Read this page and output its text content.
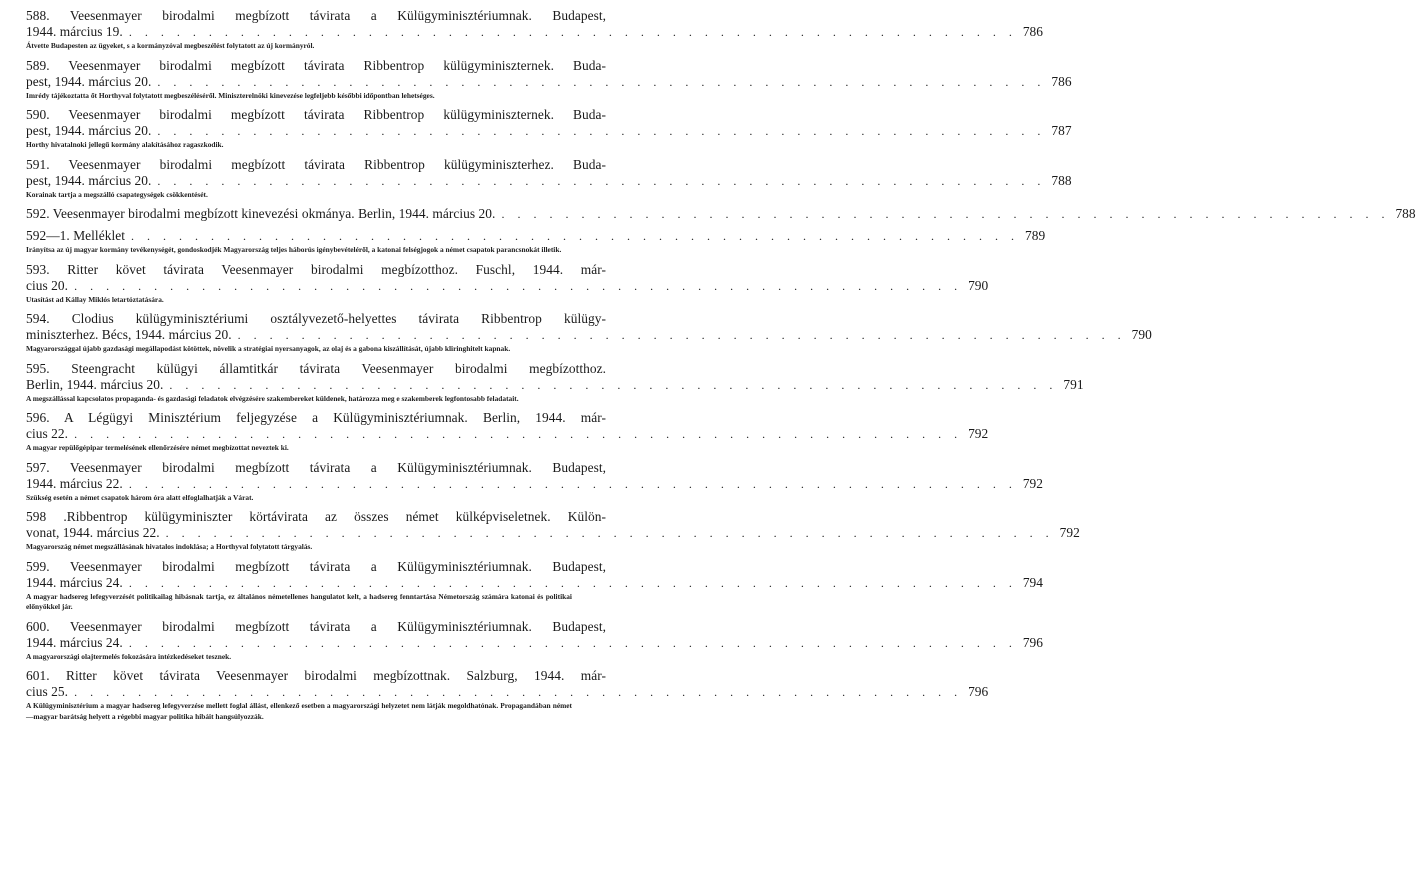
588. Veesenmayer birodalmi megbízott távirata a Külügyminisztériumnak. Budapest,
1944. március 19. . . . . . . . . . . . . . . . . . . . . . . . . . . . . . . . . . . . . . . . . . . . . . . . . . . . . . . . . 786
Átvette Budapesten az ügyeket, s a kormányzóval megbeszélést folytatott az új kormányról.
589. Veesenmayer birodalmi megbízott távirata Ribbentrop külügyminiszternek. Buda-
pest, 1944. március 20. . . . . . . . . . . . . . . . . . . . . . . . . . . . . . . . . . . . . . . . . . . . . . . . . . . . . . . . . 786
Imrédy tájékoztatta őt Horthyval folytatott megbeszéléséről. Miniszterelnöki kinevezése legfeljebb későbbi időpontban lehetséges.
590. Veesenmayer birodalmi megbízott távirata Ribbentrop külügyminiszternek. Buda-
pest, 1944. március 20. . . . . . . . . . . . . . . . . . . . . . . . . . . . . . . . . . . . . . . . . . . . . . . . . . . . . . . . . 787
Horthy hivatalnoki jellegű kormány alakításához ragaszkodik.
591. Veesenmayer birodalmi megbízott távirata Ribbentrop külügyminiszterhez. Buda-
pest, 1944. március 20. . . . . . . . . . . . . . . . . . . . . . . . . . . . . . . . . . . . . . . . . . . . . . . . . . . . . . . . . 788
Korainak tartja a megszálló csapategységek csökkentését.
592. Veesenmayer birodalmi megbízott kinevezési okmánya. Berlin, 1944. március 20. . . . . . . . . . . . . . . . . . . . . . . . . . . . . . . . . . . . . . . . . . . . . . . . . . . . . . . . . 788
592—1. Melléklet . . . . . . . . . . . . . . . . . . . . . . . . . . . . . . . . . . . . . . . . . . . . . . . . . . . . . . . . 789
Irányítsa az új magyar kormány tevékenységét, gondoskodjék Magyarország teljes háborús igénybevételéről, a katonai felségjogok a német csapatok parancsnokát illetik.
593. Ritter követ távirata Veesenmayer birodalmi megbízotthoz. Fuschl, 1944. már-
cius 20. . . . . . . . . . . . . . . . . . . . . . . . . . . . . . . . . . . . . . . . . . . . . . . . . . . . . . . . . 790
Utasítást ad Kállay Miklós letartóztatására.
594. Clodius külügyminisztériumi osztályvezető-helyettes távirata Ribbentrop külügy-
miniszterhez. Bécs, 1944. március 20. . . . . . . . . . . . . . . . . . . . . . . . . . . . . . . . . . . . . . . . . . . . . . . . . . . . . . . . . 790
Magyarországgal újabb gazdasági megállapodást kötöttek, növelik a stratégiai nyersanyagok, az olaj és a gabona kiszállítását, újabb kliringhitelt kapnak.
595. Steengracht külügyi államtitkár távirata Veesenmayer birodalmi megbízotthoz.
Berlin, 1944. március 20. . . . . . . . . . . . . . . . . . . . . . . . . . . . . . . . . . . . . . . . . . . . . . . . . . . . . . . . . 791
A megszállással kapcsolatos propaganda- és gazdasági feladatok elvégzésére szakembereket küldenek, határozza meg e szakemberek legfontosabb feladatait.
596. A Légügyi Minisztérium feljegyzése a Külügyminisztériumnak. Berlin, 1944. már-
cius 22. . . . . . . . . . . . . . . . . . . . . . . . . . . . . . . . . . . . . . . . . . . . . . . . . . . . . . . . . 792
A magyar repülőgépipar termelésének ellenőrzésére német megbízottat neveztek ki.
597. Veesenmayer birodalmi megbízott távirata a Külügyminisztériumnak. Budapest,
1944. március 22. . . . . . . . . . . . . . . . . . . . . . . . . . . . . . . . . . . . . . . . . . . . . . . . . . . . . . . . . 792
Szükség esetén a német csapatok három óra alatt elfoglalhatják a Várat.
598 .Ribbentrop külügyminiszter körtávirata az összes német külképviseletnek. Külön-
vonat, 1944. március 22. . . . . . . . . . . . . . . . . . . . . . . . . . . . . . . . . . . . . . . . . . . . . . . . . . . . . . . . . 792
Magyarország német megszállásának hivatalos indoklása; a Horthyval folytatott tárgyalás.
599. Veesenmayer birodalmi megbízott távirata a Külügyminisztériumnak. Budapest,
1944. március 24. . . . . . . . . . . . . . . . . . . . . . . . . . . . . . . . . . . . . . . . . . . . . . . . . . . . . . . . . 794
A magyar hadsereg lefegyverzését politikailag hibásnak tartja, ez általános németellenes hangulatot kelt, a hadsereg fenntartása Németország számára katonai és politikai előnyökkel jár.
600. Veesenmayer birodalmi megbízott távirata a Külügyminisztériumnak. Budapest,
1944. március 24. . . . . . . . . . . . . . . . . . . . . . . . . . . . . . . . . . . . . . . . . . . . . . . . . . . . . . . . . 796
A magyarországi olajtermelés fokozására intézkedéseket tesznek.
601. Ritter követ távirata Veesenmayer birodalmi megbízottnak. Salzburg, 1944. már-
cius 25. . . . . . . . . . . . . . . . . . . . . . . . . . . . . . . . . . . . . . . . . . . . . . . . . . . . . . . . . 796
A Külügyminisztérium a magyar hadsereg lefegyverzése mellett foglal állást, ellenkező esetben a magyarországi helyzetet nem látják megoldhatónak. Propagandában német—magyar barátság helyett a régebbi magyar politika hibáit hangsúlyozzák.
